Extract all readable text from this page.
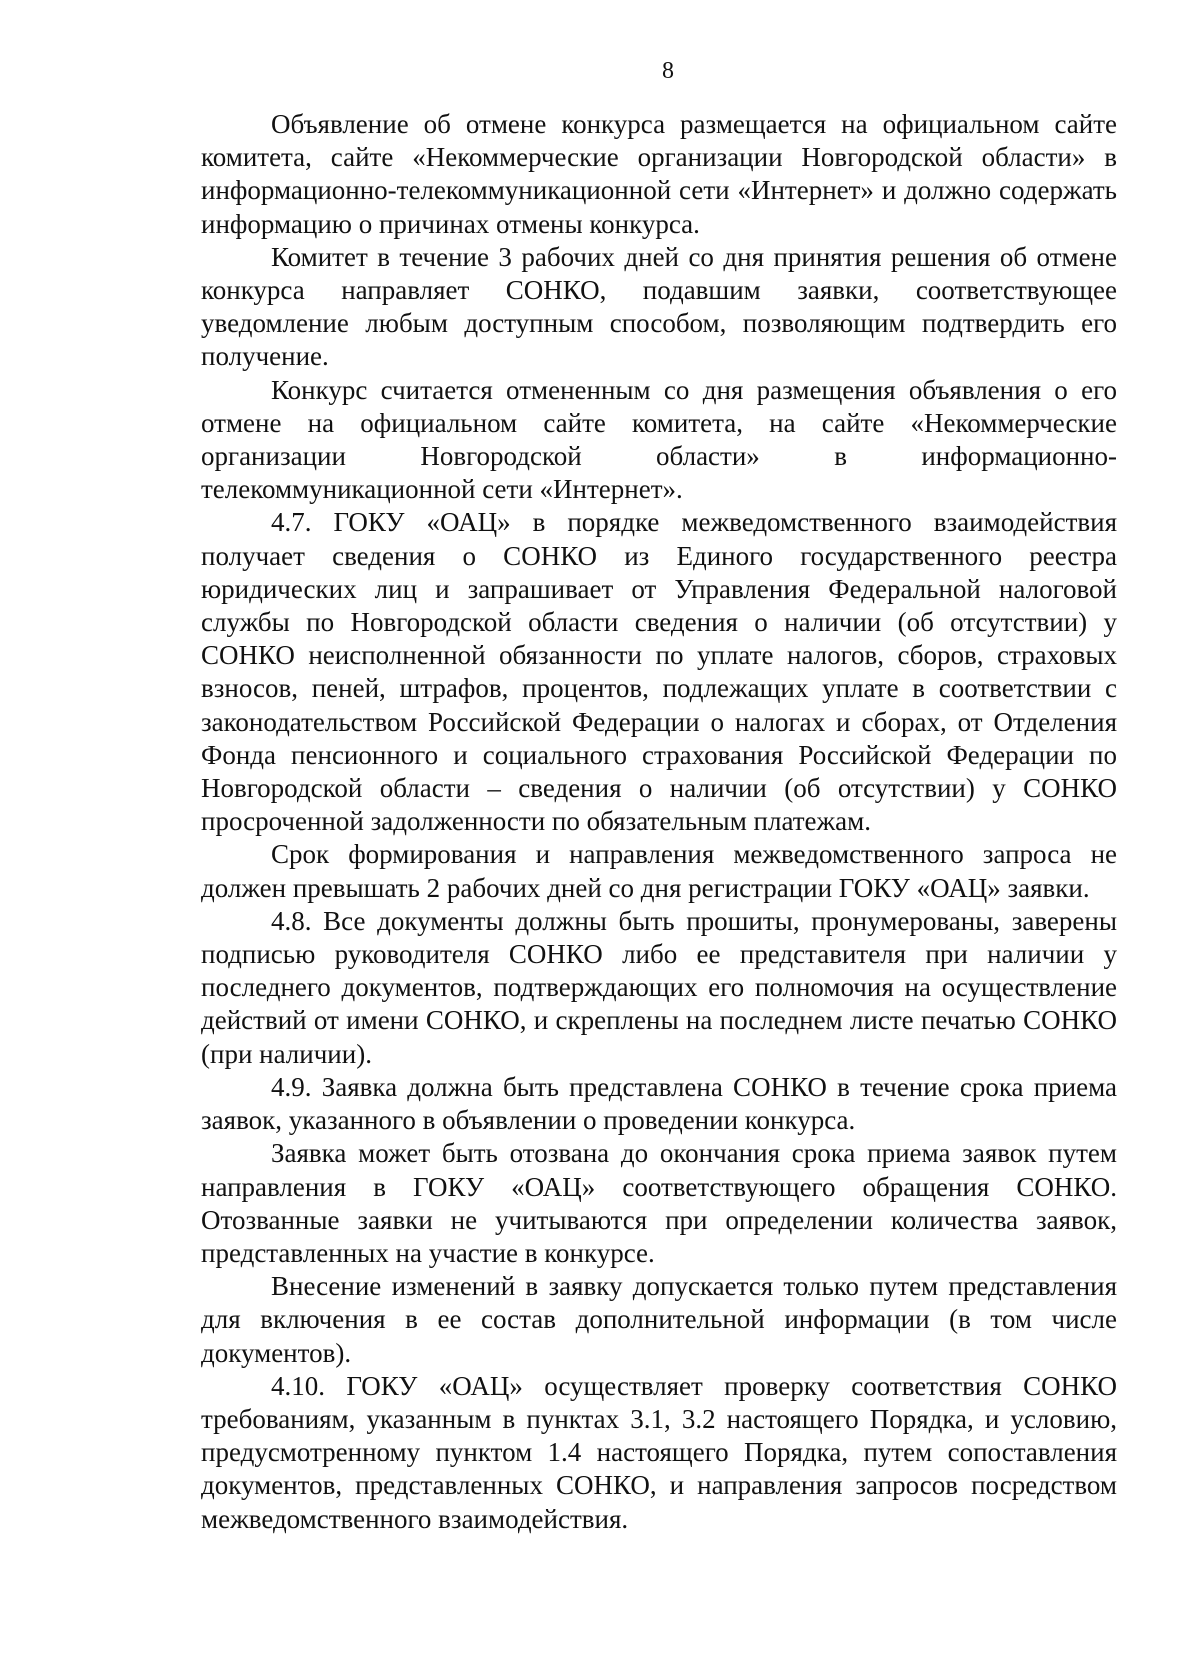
8

Объявление об отмене конкурса размещается на официальном сайте комитета, сайте «Некоммерческие организации Новгородской области» в информационно-телекоммуникационной сети «Интернет» и должно содержать информацию о причинах отмены конкурса.

Комитет в течение 3 рабочих дней со дня принятия решения об отмене конкурса направляет СОНКО, подавшим заявки, соответствующее уведомление любым доступным способом, позволяющим подтвердить его получение.

Конкурс считается отмененным со дня размещения объявления о его отмене на официальном сайте комитета, на сайте «Некоммерческие организации Новгородской области» в информационно-телекоммуникационной сети «Интернет».

4.7. ГОКУ «ОАЦ» в порядке межведомственного взаимодействия получает сведения о СОНКО из Единого государственного реестра юридических лиц и запрашивает от Управления Федеральной налоговой службы по Новгородской области сведения о наличии (об отсутствии) у СОНКО неисполненной обязанности по уплате налогов, сборов, страховых взносов, пеней, штрафов, процентов, подлежащих уплате в соответствии с законодательством Российской Федерации о налогах и сборах, от Отделения Фонда пенсионного и социального страхования Российской Федерации по Новгородской области – сведения о наличии (об отсутствии) у СОНКО просроченной задолженности по обязательным платежам.

Срок формирования и направления межведомственного запроса не должен превышать 2 рабочих дней со дня регистрации ГОКУ «ОАЦ» заявки.

4.8. Все документы должны быть прошиты, пронумерованы, заверены подписью руководителя СОНКО либо ее представителя при наличии у последнего документов, подтверждающих его полномочия на осуществление действий от имени СОНКО, и скреплены на последнем листе печатью СОНКО (при наличии).

4.9. Заявка должна быть представлена СОНКО в течение срока приема заявок, указанного в объявлении о проведении конкурса.

Заявка может быть отозвана до окончания срока приема заявок путем направления в ГОКУ «ОАЦ» соответствующего обращения СОНКО. Отозванные заявки не учитываются при определении количества заявок, представленных на участие в конкурсе.

Внесение изменений в заявку допускается только путем представления для включения в ее состав дополнительной информации (в том числе документов).

4.10. ГОКУ «ОАЦ» осуществляет проверку соответствия СОНКО требованиям, указанным в пунктах 3.1, 3.2 настоящего Порядка, и условию, предусмотренному пунктом 1.4 настоящего Порядка, путем сопоставления документов, представленных СОНКО, и направления запросов посредством межведомственного взаимодействия.
